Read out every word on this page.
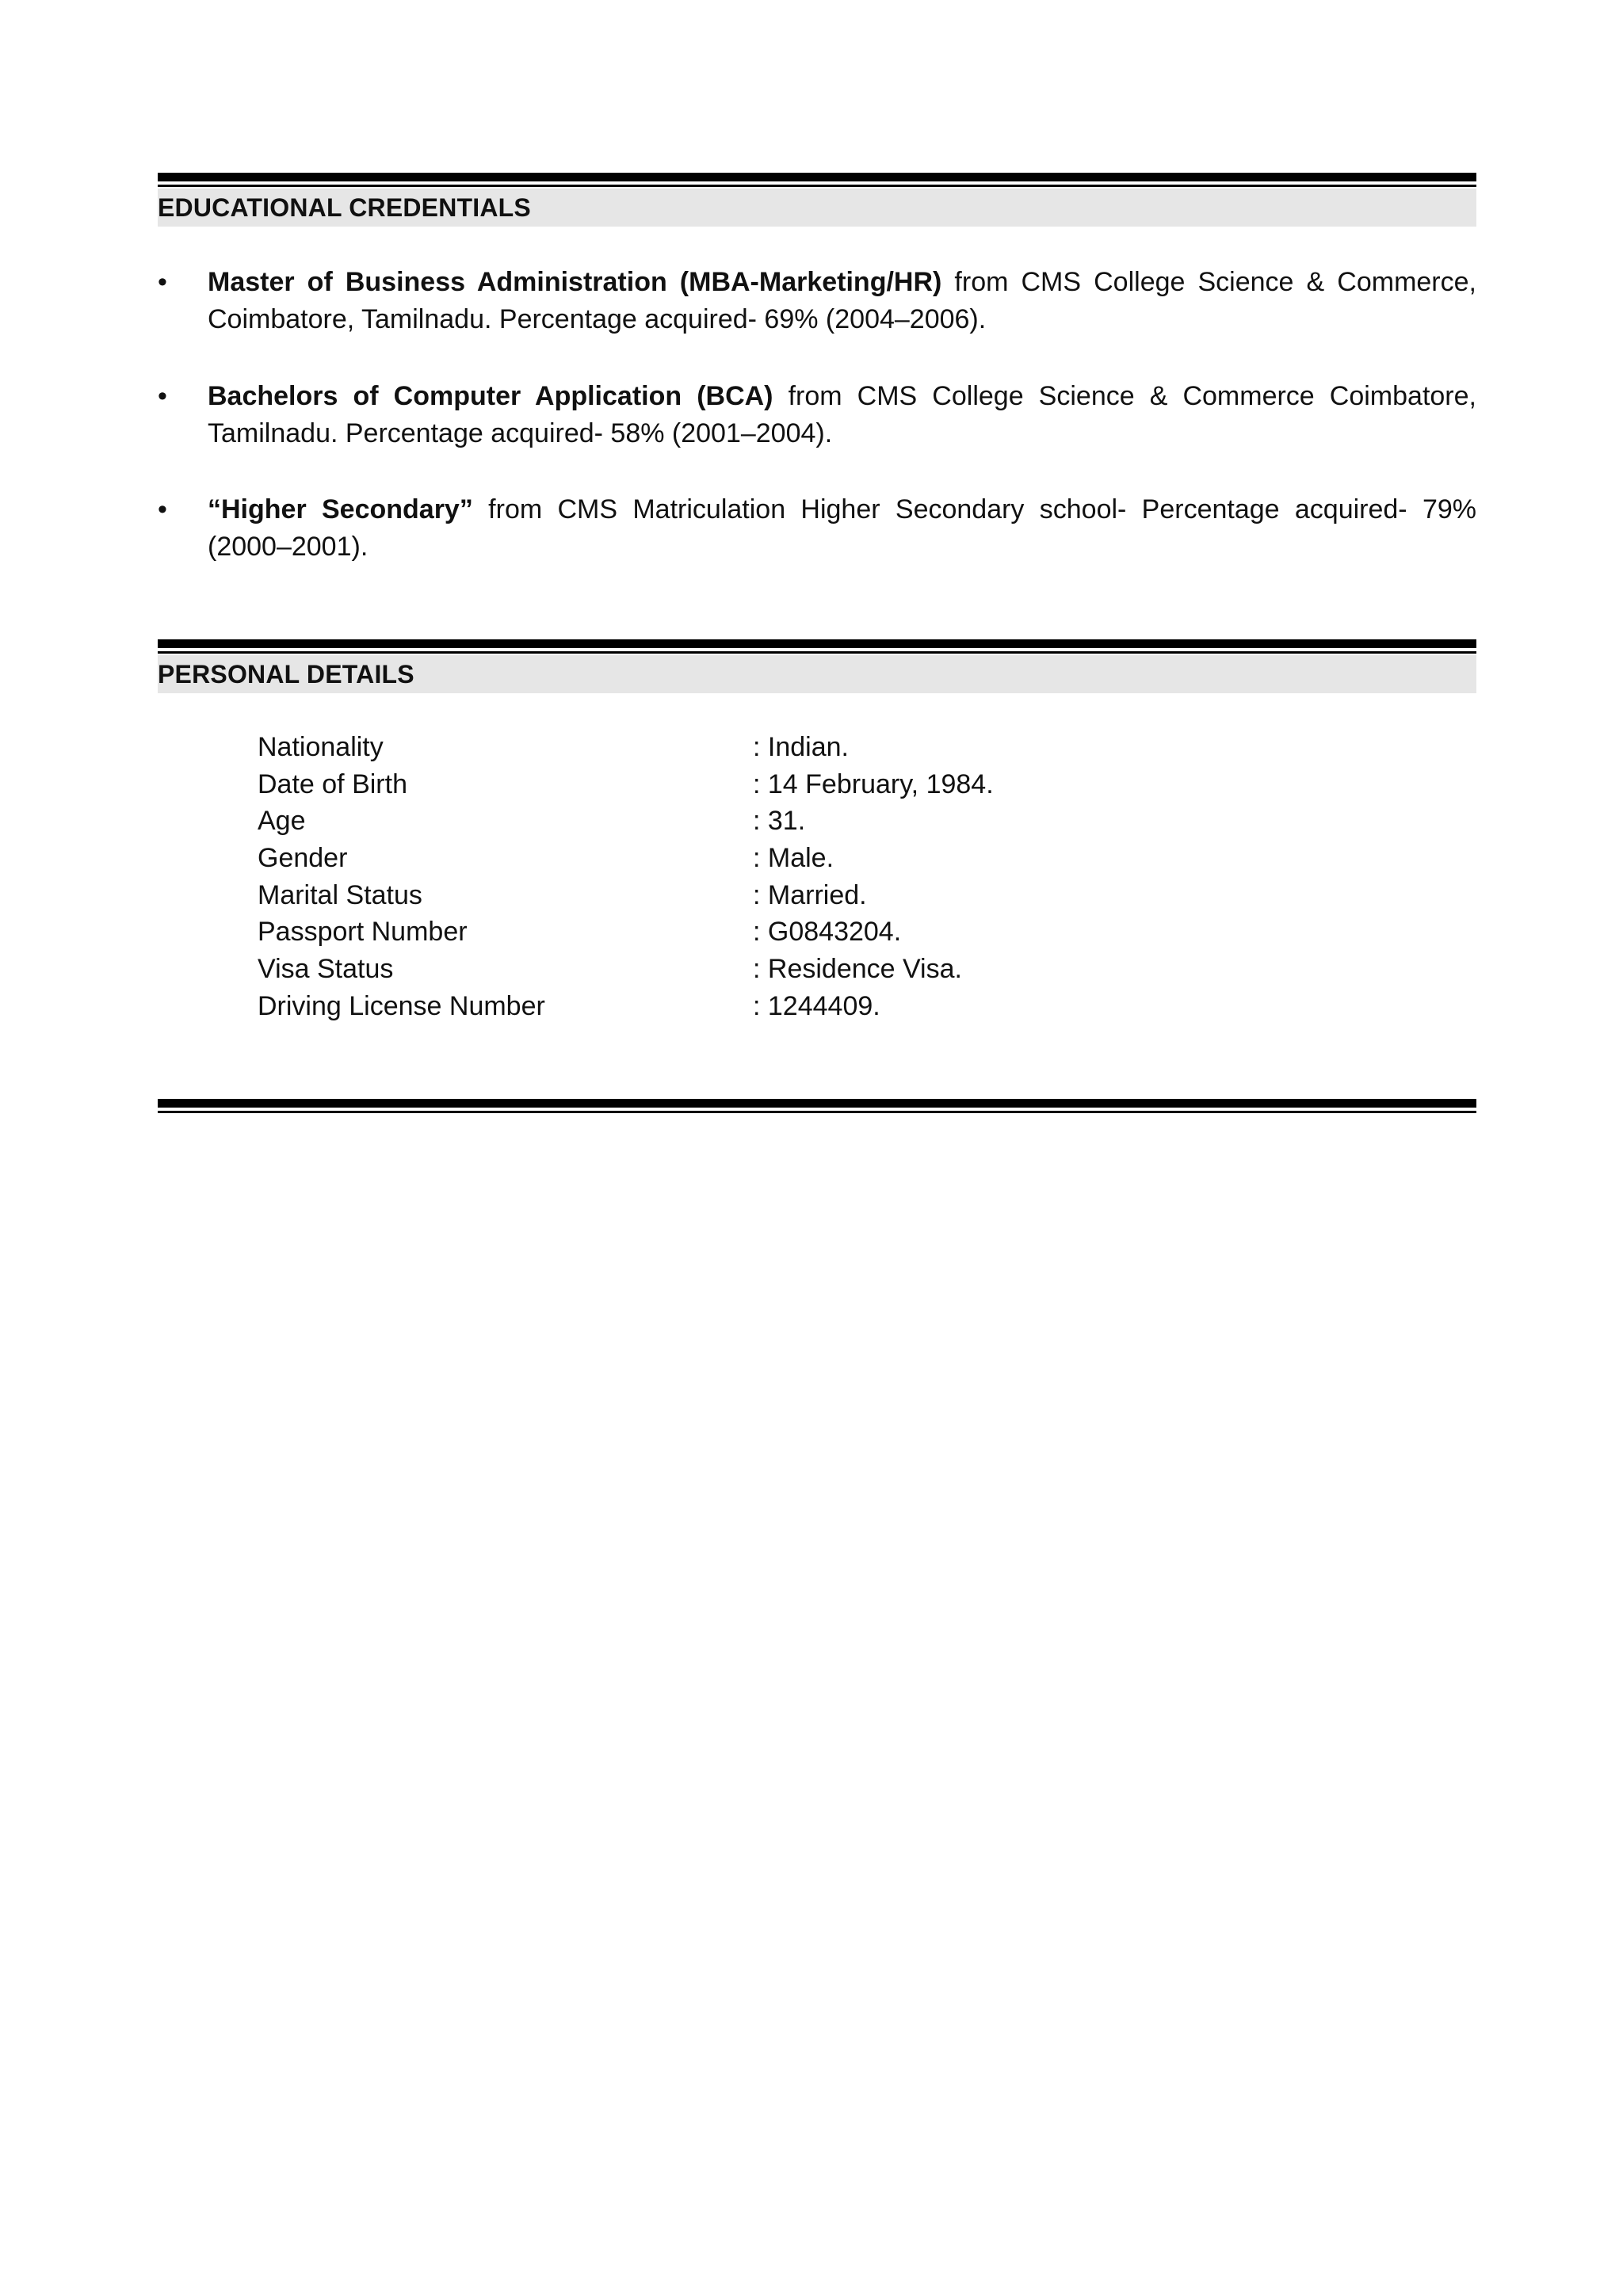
EDUCATIONAL CREDENTIALS
•	Master of Business Administration (MBA-Marketing/HR) from CMS College Science & Commerce, Coimbatore, Tamilnadu. Percentage acquired- 69% (2004–2006).
•	Bachelors of Computer Application (BCA) from CMS College Science & Commerce Coimbatore, Tamilnadu. Percentage acquired- 58% (2001–2004).
•	“Higher Secondary” from CMS Matriculation Higher Secondary school- Percentage acquired- 79% (2000–2001).
PERSONAL DETAILS
Nationality	: Indian.
Date of Birth	: 14 February, 1984.
Age	: 31.
Gender	: Male.
Marital Status	: Married.
Passport Number	: G0843204.
Visa Status	: Residence Visa.
Driving License Number	: 1244409.
